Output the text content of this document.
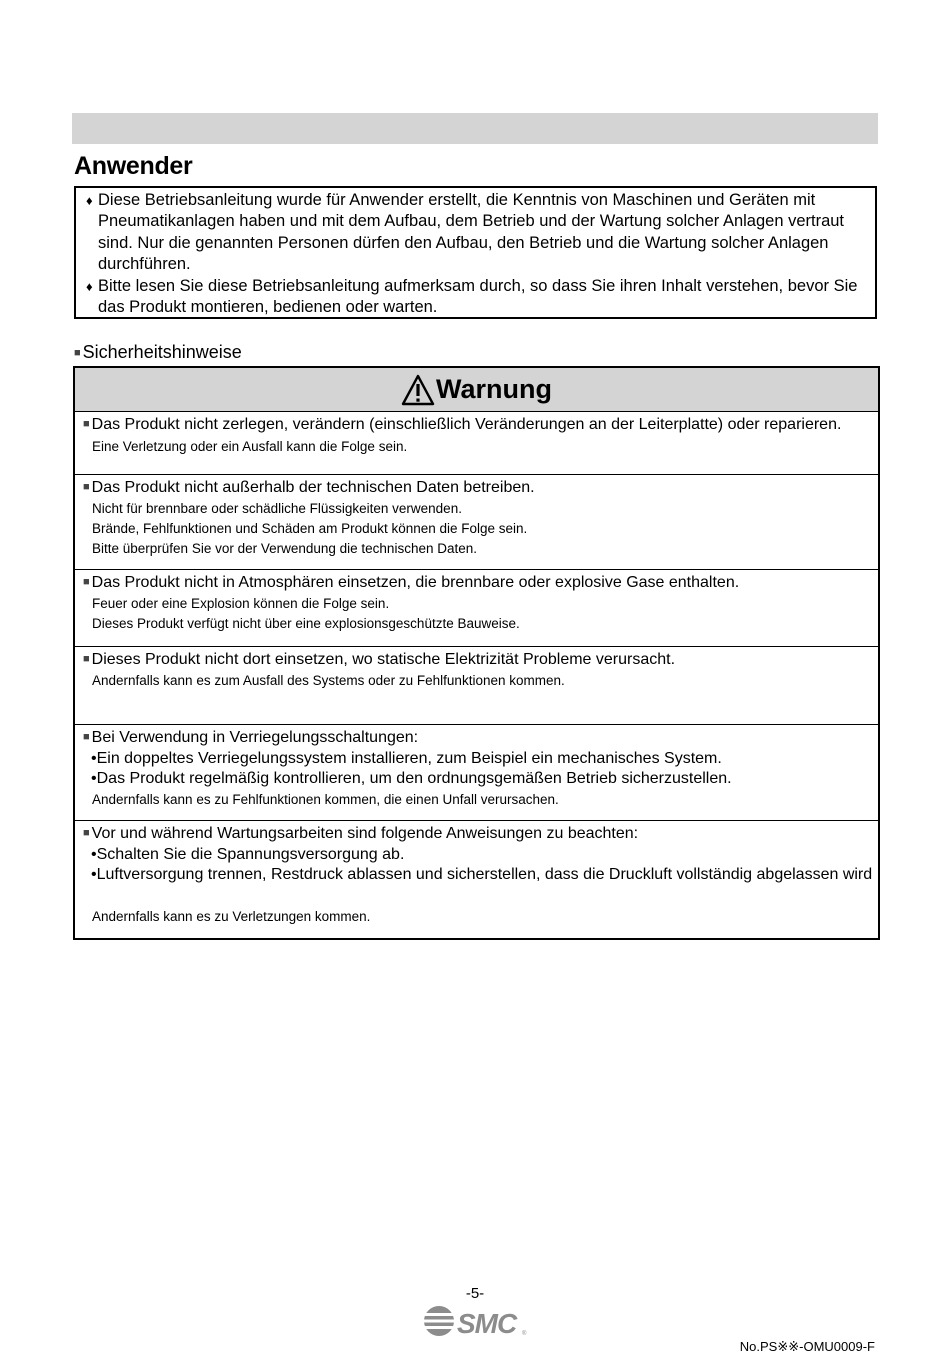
Anwender
♦ Diese Betriebsanleitung wurde für Anwender erstellt, die Kenntnis von Maschinen und Geräten mit Pneumatikanlagen haben und mit dem Aufbau, dem Betrieb und der Wartung solcher Anlagen vertraut sind. Nur die genannten Personen dürfen den Aufbau, den Betrieb und die Wartung solcher Anlagen durchführen.
♦ Bitte lesen Sie diese Betriebsanleitung aufmerksam durch, so dass Sie ihren Inhalt verstehen, bevor Sie das Produkt montieren, bedienen oder warten.
■ Sicherheitshinweise
Warnung
■ Das Produkt nicht zerlegen, verändern (einschließlich Veränderungen an der Leiterplatte) oder reparieren.
Eine Verletzung oder ein Ausfall kann die Folge sein.
■ Das Produkt nicht außerhalb der technischen Daten betreiben.
Nicht für brennbare oder schädliche Flüssigkeiten verwenden.
Brände, Fehlfunktionen und Schäden am Produkt können die Folge sein.
Bitte überprüfen Sie vor der Verwendung die technischen Daten.
■ Das Produkt nicht in Atmosphären einsetzen, die brennbare oder explosive Gase enthalten.
Feuer oder eine Explosion können die Folge sein.
Dieses Produkt verfügt nicht über eine explosionsgeschützte Bauweise.
■ Dieses Produkt nicht dort einsetzen, wo statische Elektrizität Probleme verursacht.
Andernfalls kann es zum Ausfall des Systems oder zu Fehlfunktionen kommen.
■ Bei Verwendung in Verriegelungsschaltungen:
•Ein doppeltes Verriegelungssystem installieren, zum Beispiel ein mechanisches System.
•Das Produkt regelmäßig kontrollieren, um den ordnungsgemäßen Betrieb sicherzustellen.
Andernfalls kann es zu Fehlfunktionen kommen, die einen Unfall verursachen.
■ Vor und während Wartungsarbeiten sind folgende Anweisungen zu beachten:
•Schalten Sie die Spannungsversorgung ab.
•Luftversorgung trennen, Restdruck ablassen und sicherstellen, dass die Druckluft vollständig abgelassen wird
Andernfalls kann es zu Verletzungen kommen.
-5-
SMC ®
No.PS※※-OMU0009-F
